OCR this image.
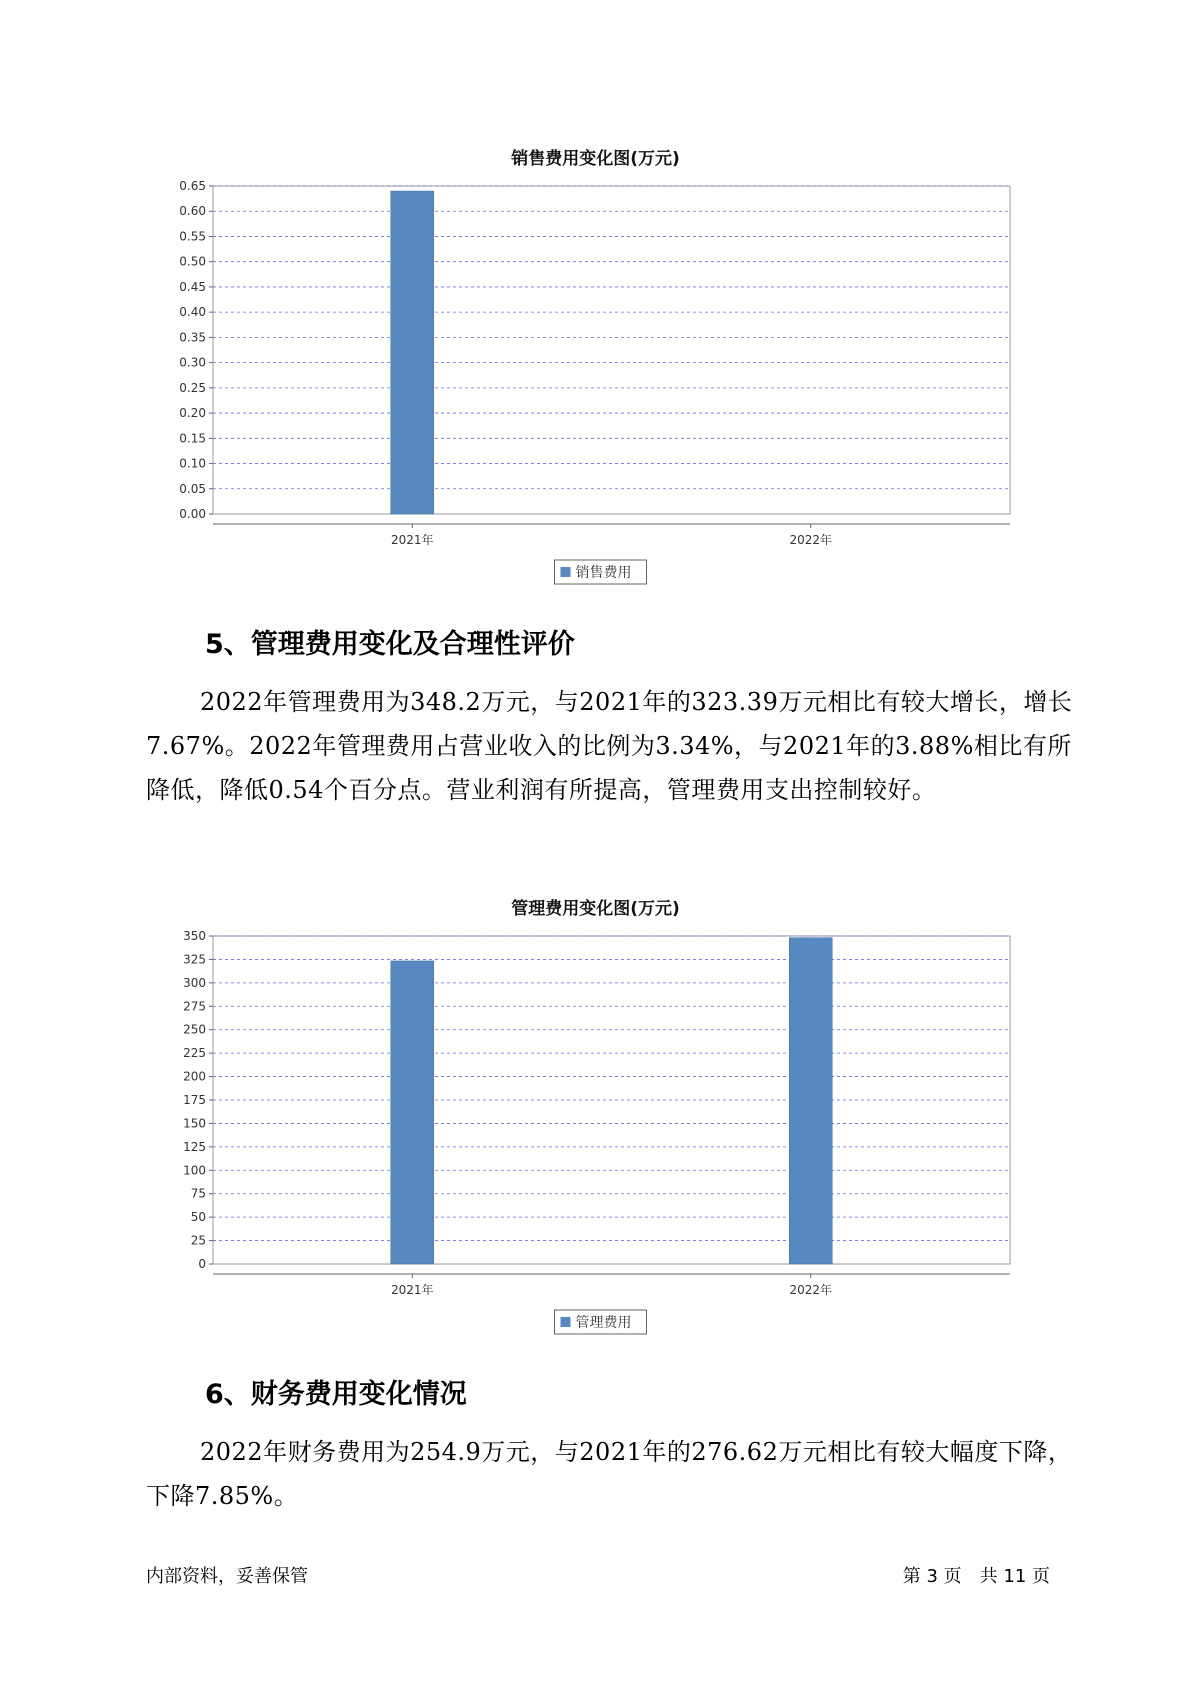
销售费用变化图(万元)
0.00
0.05
0.10
0.15
0.20
0.25
0.30
0.35
0.40
0.45
0.50
0.55
0.60
0.65
2021年	2022年
销售费用
5、管理费用变化及合理性评价
2022年管理费用为348.2万元，与2021年的323.39万元相比有较大增长，增长7.67%。2022年管理费用占营业收入的比例为3.34%，与2021年的3.88%相比有所降低，降低0.54个百分点。营业利润有所提高，管理费用支出控制较好。
管理费用变化图(万元)
0
25
50
75
100
125
150
175
200
225
250
275
300
325
350
2021年	2022年
管理费用
6、财务费用变化情况
2022年财务费用为254.9万元，与2021年的276.62万元相比有较大幅度下降，下降7.85%。
内部资料，妥善保管	第 3 页　共 11 页
